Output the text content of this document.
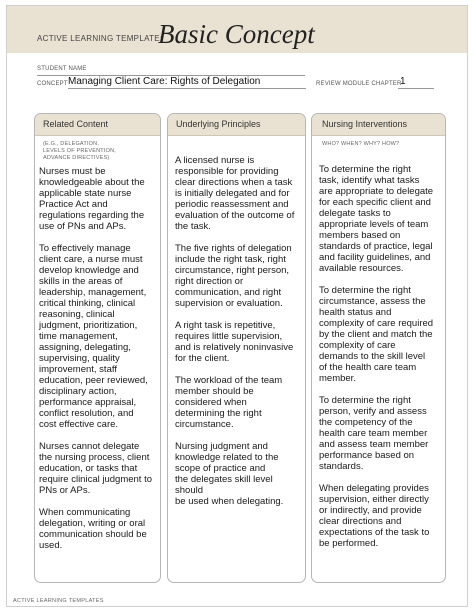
ACTIVE LEARNING TEMPLATE:
Basic Concept
STUDENT NAME
CONCEPT Managing Client Care: Rights of Delegation	REVIEW MODULE CHAPTER
1
Related Content
(E.G., DELEGATION,
LEVELS OF PREVENTION,
ADVANCE DIRECTIVES)

Nurses must be
knowledgeable about the
applicable state nurse
Practice Act and
regulations regarding the
use of PNs and APs.

To effectively manage
client care, a nurse must
develop knowledge and
skills in the areas of
leadership, management,
critical thinking, clinical
reasoning, clinical
judgment, prioritization,
time management,
assigning, delegating,
supervising, quality
improvement, staff
education, peer reviewed,
disciplinary action,
performance appraisal,
conflict resolution, and
cost effective care.

Nurses cannot delegate
the nursing process, client
education, or tasks that
require clinical judgment to
PNs or APs.

When communicating
delegation, writing or oral
communication should be
used.

Underlying Principles

A licensed nurse is
responsible for providing
clear directions when a task
is initially delegated and for
periodic reassessment and
evaluation of the outcome of
the task.

The five rights of delegation
include the right task, right
circumstance, right person,
right direction or
communication, and right
supervision or evaluation.

A right task is repetitive,
requires little supervision,
and is relatively noninvasive
for the client.

The workload of the team
member should be
considered when
determining the right
circumstance.

Nursing judgment and
knowledge related to the
scope of practice and
the delegates skill level should
be used when delegating.

Nursing Interventions
WHO? WHEN? WHY? HOW?

To determine the right
task, identify what tasks
are appropriate to delegate
for each specific client and
delegate tasks to
appropriate levels of team
members based on
standards of practice, legal
and facility guidelines, and
available resources.

To determine the right
circumstance, assess the
health status and
complexity of care required
by the client and match the
complexity of care
demands to the skill level
of the health care team
member.

To determine the right
person, verify and assess
the competency of the
health care team member
and assess team member
performance based on
standards.

When delegating provides
supervision, either directly
or indirectly, and provide
clear directions and
expectations of the task to
be performed.

ACTIVE LEARNING TEMPLATES
